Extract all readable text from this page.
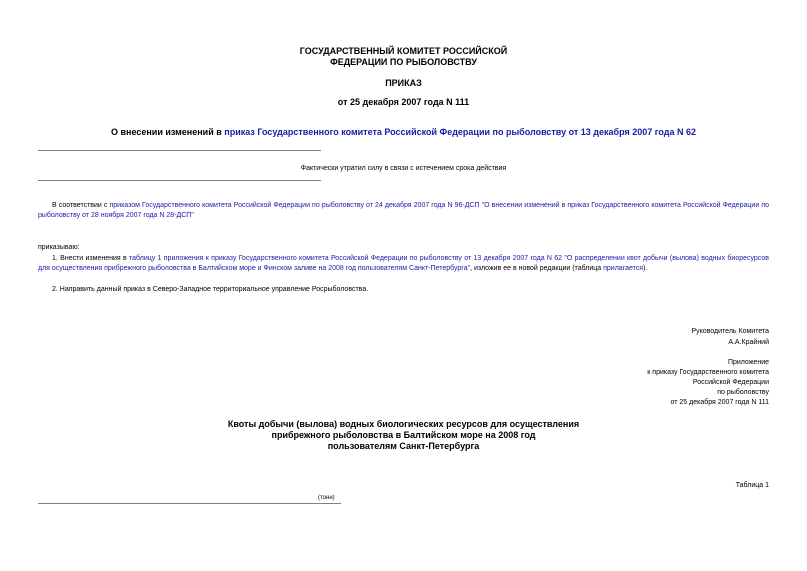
ГОСУДАРСТВЕННЫЙ КОМИТЕТ РОССИЙСКОЙ
ФЕДЕРАЦИИ ПО РЫБОЛОВСТВУ
ПРИКАЗ
от 25 декабря 2007 года N 111
О внесении изменений в приказ Государственного комитета Российской Федерации по рыболовству от 13 декабря 2007 года N 62
Фактически утратил силу в связи с истечением срока действия
В соответствии с приказом Государственного комитета Российской Федерации по рыболовству от 24 декабря 2007 года N 96-ДСП "О внесении изменений в приказ Государственного комитета Российской Федерации по рыболовству от 28 ноября 2007 года N 28-ДСП"
приказываю:
1. Внести изменения в таблицу 1 приложения к приказу Государственного комитета Российской Федерации по рыболовству от 13 декабря 2007 года N 62 "О распределении квот добычи (вылова) водных биоресурсов для осуществления прибрежного рыболовства в Балтийском море и Финском заливе на 2008 год пользователям Санкт-Петербурга", изложив ее в новой редакции (таблица прилагается).
2. Направить данный приказ в Северо-Западное территориальное управление Росрыболовства.
Руководитель Комитета
А.А.Крайний
Приложение
к приказу Государственного комитета
Российской Федерации
по рыболовству
от 25 декабря 2007 года N 111
Квоты добычи (вылова) водных биологических ресурсов для осуществления
прибрежного рыболовства в Балтийском море на 2008 год
пользователям Санкт-Петербурга
Таблица 1
(тонн)
